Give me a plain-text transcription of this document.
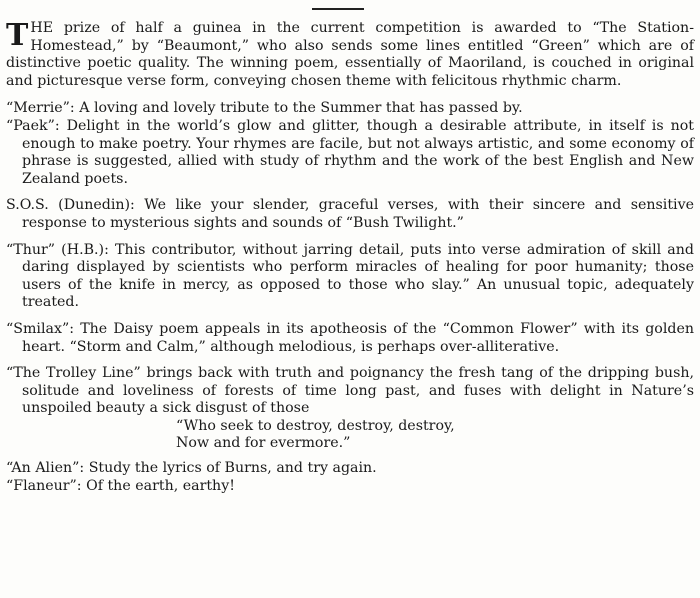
THE prize of half a guinea in the current competition is awarded to “The Station-Homestead,” by “Beaumont,” who also sends some lines entitled “Green” which are of distinctive poetic quality. The winning poem, essentially of Maoriland, is couched in original and picturesque verse form, conveying chosen theme with felicitous rhythmic charm.

“Merrie”: A loving and lovely tribute to the Summer that has passed by.

“Paek”: Delight in the world’s glow and glitter, though a desirable attribute, in itself is not enough to make poetry. Your rhymes are facile, but not always artistic, and some economy of phrase is suggested, allied with study of rhythm and the work of the best English and New Zealand poets.

S.O.S. (Dunedin): We like your slender, graceful verses, with their sincere and sensitive response to mysterious sights and sounds of “Bush Twilight.”

“Thur” (H.B.): This contributor, without jarring detail, puts into verse admiration of skill and daring displayed by scientists who perform miracles of healing for poor humanity; those users of the knife in mercy, as opposed to those who slay.” An unusual topic, adequately treated.

“Smilax”: The Daisy poem appeals in its apotheosis of the “Common Flower” with its golden heart. “Storm and Calm,” although melodious, is perhaps over-alliterative.

“The Trolley Line” brings back with truth and poignancy the fresh tang of the dripping bush, solitude and loveliness of forests of time long past, and fuses with delight in Nature’s unspoiled beauty a sick disgust of those

“Who seek to destroy, destroy, destroy,
Now and for evermore.”

“An Alien”: Study the lyrics of Burns, and try again.

“Flaneur”: Of the earth, earthy!
